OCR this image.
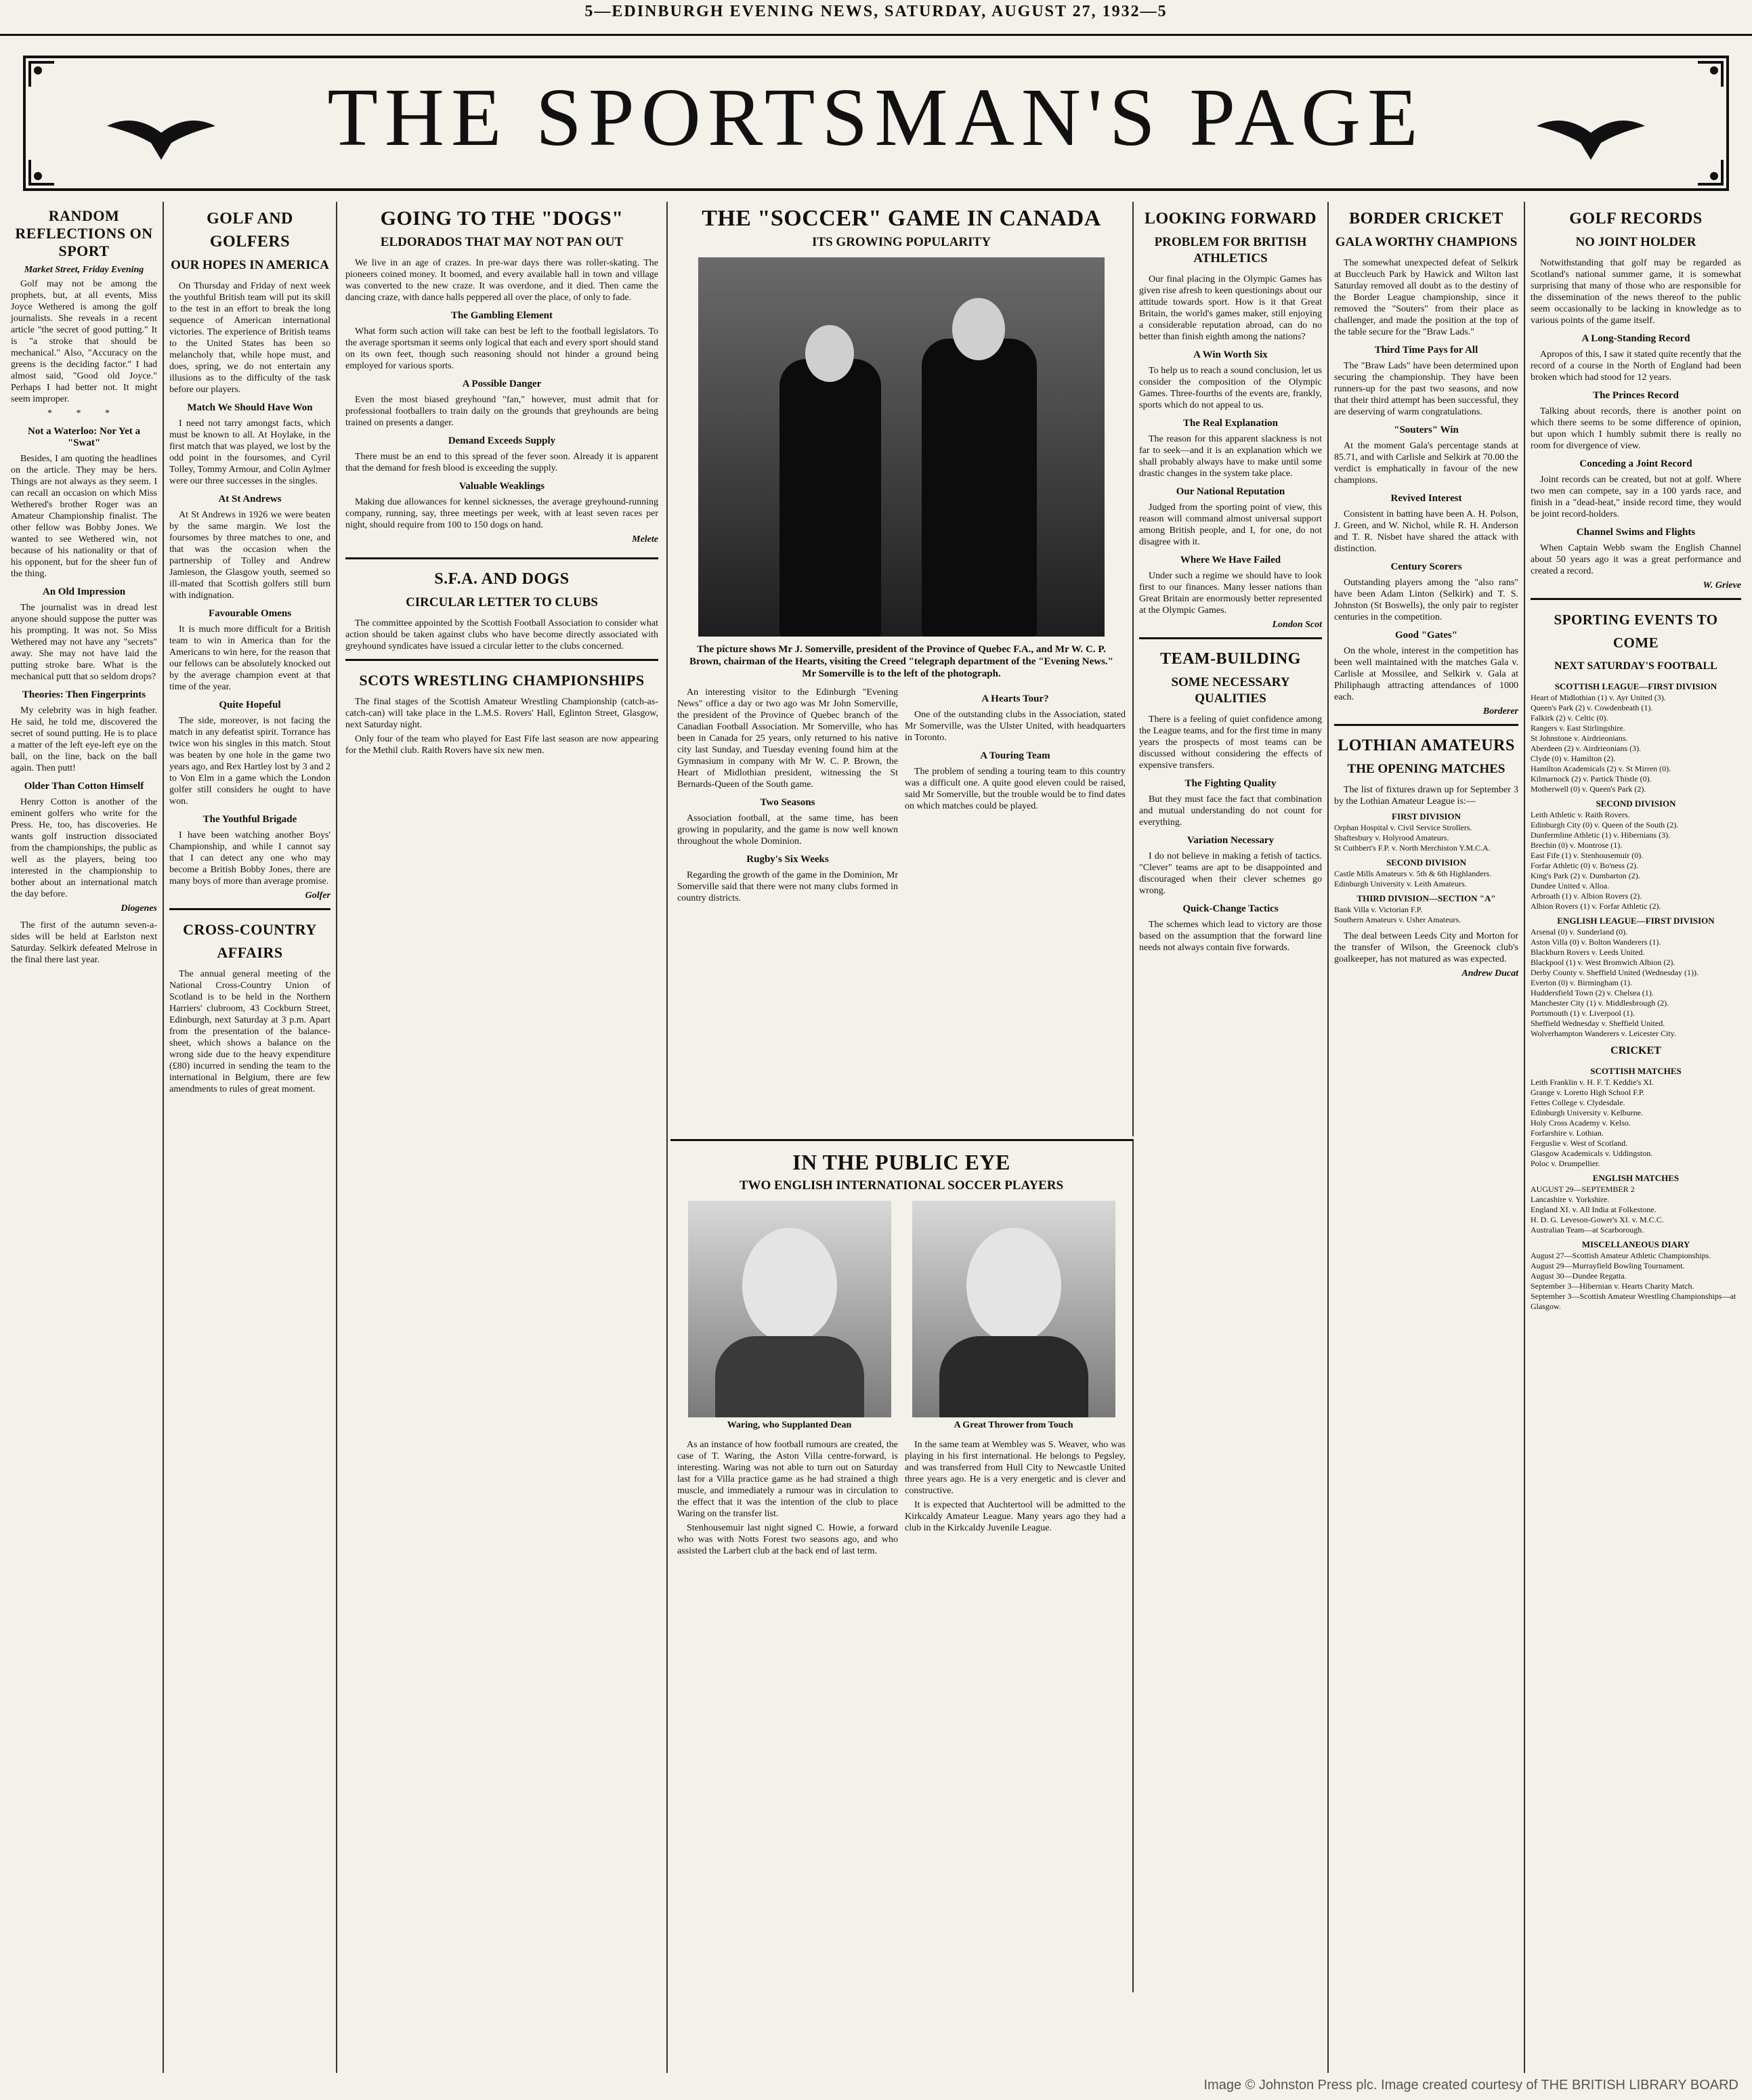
5—EDINBURGH EVENING NEWS, SATURDAY, AUGUST 27, 1932—5
THE SPORTSMAN'S PAGE
RANDOM REFLECTIONS ON SPORT
Market Street, Friday Evening

Golf may not be among the prophets, but, at all events, Miss Joyce Wethered is among the golf journalists. She reveals in a recent article "the secret of good putting." It is "a stroke that should be mechanical." Also, "Accuracy on the greens is the deciding factor." I had almost said, "Good old Joyce." Perhaps I had better not. It might seem improper.

* * *
Not a Waterloo: Nor Yet a "Swat"

Besides, I am quoting the headlines on the article. They may be hers. Things are not always as they seem. I can recall an occasion on which Miss Wethered's brother Roger was an Amateur Championship finalist. The other fellow was Bobby Jones. We wanted to see Wethered win, not because of his nationality or that of his opponent, but for the sheer fun of the thing.

An Old Impression

The journalist was in dread lest anyone should suppose the putter was his prompting. It was not. So Miss Wethered may not have any "secrets" away. She may not have laid the putting stroke bare. What is the mechanical putt that so seldom drops?

Theories: Then Fingerprints

My celebrity was in high feather. He said, he told me, discovered the secret of sound putting. He is to place a matter of the left eye-left eye on the ball, on the line, back on the ball again. Then putt!

Older Than Cotton Himself

Henry Cotton is another of the eminent golfers who write for the Press. He, too, has discoveries. He wants golf instruction dissociated from the championships, the public as well as the players, being too interested in the championship to bother about an international match the day before.

Diogenes

The first of the autumn seven-a-sides will be held at Earlston next Saturday. Selkirk defeated Melrose in the final there last year.

GOLF AND GOLFERS
OUR HOPES IN AMERICA

On Thursday and Friday of next week the youthful British team will put its skill to the test in an effort to break the long sequence of American international victories. The experience of British teams to the United States has been so melancholy that, while hope must, and does, spring, we do not entertain any illusions as to the difficulty of the task before our players.

Match We Should Have Won

I need not tarry amongst facts, which must be known to all. At Hoylake, in the first match that was played, we lost by the odd point in the foursomes, and Cyril Tolley, Tommy Armour, and Colin Aylmer were our three successes in the singles.

At St Andrews

At St Andrews in 1926 we were beaten by the same margin. We lost the foursomes by three matches to one, and that was the occasion when the partnership of Tolley and Andrew Jamieson, the Glasgow youth, seemed so ill-mated that Scottish golfers still burn with indignation.

Favourable Omens

It is much more difficult for a British team to win in America than for the Americans to win here, for the reason that our fellows can be absolutely knocked out by the average champion event at that time of the year.

Quite Hopeful

The side, moreover, is not facing the match in any defeatist spirit. Torrance has twice won his singles in this match. Stout was beaten by one hole in the game two years ago, and Rex Hartley lost by 3 and 2 to Von Elm in a game which the London golfer still considers he ought to have won.

The Youthful Brigade

I have been watching another Boys' Championship, and while I cannot say that I can detect any one who may become a British Bobby Jones, there are many boys of more than average promise.

Golfer
CROSS-COUNTRY AFFAIRS

The annual general meeting of the National Cross-Country Union of Scotland is to be held in the Northern Harriers' clubroom, 43 Cockburn Street, Edinburgh, next Saturday at 3 p.m. Apart from the presentation of the balance-sheet, which shows a balance on the wrong side due to the heavy expenditure (£80) incurred in sending the team to the international in Belgium, there are few amendments to rules of great moment.

GOING TO THE "DOGS"
ELDORADOS THAT MAY NOT PAN OUT

We live in an age of crazes. In pre-war days there was roller-skating. The pioneers coined money. It boomed, and every available hall in town and village was converted to the new craze. It was overdone, and it died. Then came the dancing craze, with dance halls peppered all over the place, of only to fade.

The Gambling Element

What form such action will take can best be left to the football legislators. To the average sportsman it seems only logical that each and every sport should stand on its own feet, though such reasoning should not hinder a ground being employed for various sports.

A Possible Danger

Even the most biased greyhound "fan," however, must admit that for professional footballers to train daily on the grounds that greyhounds are being trained on presents a danger.

Demand Exceeds Supply

There must be an end to this spread of the fever soon. Already it is apparent that the demand for fresh blood is exceeding the supply.

Valuable Weaklings

Making due allowances for kennel sicknesses, the average greyhound-running company, running, say, three meetings per week, with at least seven races per night, should require from 100 to 150 dogs on hand.

Melete
S.F.A. AND DOGS
CIRCULAR LETTER TO CLUBS

The committee appointed by the Scottish Football Association to consider what action should be taken against clubs who have become directly associated with greyhound syndicates have issued a circular letter to the clubs concerned.

SCOTS WRESTLING CHAMPIONSHIPS

The final stages of the Scottish Amateur Wrestling Championship (catch-as-catch-can) will take place in the L.M.S. Rovers' Hall, Eglinton Street, Glasgow, next Saturday night.

Only four of the team who played for East Fife last season are now appearing for the Methil club. Raith Rovers have six new men.

THE "SOCCER" GAME IN CANADA
ITS GROWING POPULARITY
The picture shows Mr J. Somerville, president of the Province of Quebec F.A., and Mr W. C. P. Brown, chairman of the Hearts, visiting the Creed "telegraph department of the "Evening News." Mr Somerville is to the left of the photograph.

An interesting visitor to the Edinburgh "Evening News" office a day or two ago was Mr John Somerville, the president of the Province of Quebec branch of the Canadian Football Association. Mr Somerville, who has been in Canada for 25 years, only returned to his native city last Sunday, and Tuesday evening found him at the Gymnasium in company with Mr W. C. P. Brown, the Heart of Midlothian president, witnessing the St Bernards-Queen of the South game.

Two Seasons

Association football, at the same time, has been growing in popularity, and the game is now well known throughout the whole Dominion.

Rugby's Six Weeks

Regarding the growth of the game in the Dominion, Mr Somerville said that there were not many clubs formed in country districts.

A Hearts Tour?

One of the outstanding clubs in the Association, stated Mr Somerville, was the Ulster United, with headquarters in Toronto.

A Touring Team

The problem of sending a touring team to this country was a difficult one. A quite good eleven could be raised, said Mr Somerville, but the trouble would be to find dates on which matches could be played.

IN THE PUBLIC EYE
TWO ENGLISH INTERNATIONAL SOCCER PLAYERS
Waring, who Supplanted Dean	A Great Thrower from Touch

As an instance of how football rumours are created, the case of T. Waring, the Aston Villa centre-forward, is interesting. Waring was not able to turn out on Saturday last for a Villa practice game as he had strained a thigh muscle, and immediately a rumour was in circulation to the effect that it was the intention of the club to place Waring on the transfer list.

Stenhousemuir last night signed C. Howie, a forward who was with Notts Forest two seasons ago, and who assisted the Larbert club at the back end of last term.

In the same team at Wembley was S. Weaver, who was playing in his first international. He belongs to Pegsley, and was transferred from Hull City to Newcastle United three years ago. He is a very energetic and is clever and constructive.

It is expected that Auchtertool will be admitted to the Kirkcaldy Amateur League. Many years ago they had a club in the Kirkcaldy Juvenile League.

LOOKING FORWARD
PROBLEM FOR BRITISH ATHLETICS

Our final placing in the Olympic Games has given rise afresh to keen questionings about our attitude towards sport. How is it that Great Britain, the world's games maker, still enjoying a considerable reputation abroad, can do no better than finish eighth among the nations?

A Win Worth Six

To help us to reach a sound conclusion, let us consider the composition of the Olympic Games. Three-fourths of the events are, frankly, sports which do not appeal to us.

The Real Explanation

The reason for this apparent slackness is not far to seek—and it is an explanation which we shall probably always have to make until some drastic changes in the system take place.

Our National Reputation

Judged from the sporting point of view, this reason will command almost universal support among British people, and I, for one, do not disagree with it.

Where We Have Failed

Under such a regime we should have to look first to our finances. Many lesser nations than Great Britain are enormously better represented at the Olympic Games.

London Scot
TEAM-BUILDING
SOME NECESSARY QUALITIES

There is a feeling of quiet confidence among the League teams, and for the first time in many years the prospects of most teams can be discussed without considering the effects of expensive transfers.

The Fighting Quality

But they must face the fact that combination and mutual understanding do not count for everything.

Variation Necessary

I do not believe in making a fetish of tactics. "Clever" teams are apt to be disappointed and discouraged when their clever schemes go wrong.

Quick-Change Tactics

The schemes which lead to victory are those based on the assumption that the forward line needs not always contain five forwards.

BORDER CRICKET
GALA WORTHY CHAMPIONS

The somewhat unexpected defeat of Selkirk at Buccleuch Park by Hawick and Wilton last Saturday removed all doubt as to the destiny of the Border League championship, since it removed the "Souters" from their place as challenger, and made the position at the top of the table secure for the "Braw Lads."

Third Time Pays for All

The "Braw Lads" have been determined upon securing the championship. They have been runners-up for the past two seasons, and now that their third attempt has been successful, they are deserving of warm congratulations.

"Souters" Win

At the moment Gala's percentage stands at 85.71, and with Carlisle and Selkirk at 70.00 the verdict is emphatically in favour of the new champions.

Revived Interest

Consistent in batting have been A. H. Polson, J. Green, and W. Nichol, while R. H. Anderson and T. R. Nisbet have shared the attack with distinction.

Century Scorers

Outstanding players among the "also rans" have been Adam Linton (Selkirk) and T. S. Johnston (St Boswells), the only pair to register centuries in the competition.

Good "Gates"

On the whole, interest in the competition has been well maintained with the matches Gala v. Carlisle at Mossilee, and Selkirk v. Gala at Philiphaugh attracting attendances of 1000 each.

Borderer
LOTHIAN AMATEURS
THE OPENING MATCHES

The list of fixtures drawn up for September 3 by the Lothian Amateur League is:—

FIRST DIVISION
Orphan Hospital v. Civil Service Strollers.
Shaftesbury v. Holyrood Amateurs.
St Cuthbert's F.P. v. North Merchiston Y.M.C.A.
SECOND DIVISION
Castle Mills Amateurs v. 5th & 6th Highlanders.
Edinburgh University v. Leith Amateurs.
THIRD DIVISION—SECTION "A"
Bank Villa v. Victorian F.P.
Southern Amateurs v. Usher Amateurs.

The deal between Leeds City and Morton for the transfer of Wilson, the Greenock club's goalkeeper, has not matured as was expected.

Andrew Ducat
GOLF RECORDS
NO JOINT HOLDER

Notwithstanding that golf may be regarded as Scotland's national summer game, it is somewhat surprising that many of those who are responsible for the dissemination of the news thereof to the public seem occasionally to be lacking in knowledge as to various points of the game itself.

A Long-Standing Record

Apropos of this, I saw it stated quite recently that the record of a course in the North of England had been broken which had stood for 12 years.

The Princes Record

Talking about records, there is another point on which there seems to be some difference of opinion, but upon which I humbly submit there is really no room for divergence of view.

Conceding a Joint Record

Joint records can be created, but not at golf. Where two men can compete, say in a 100 yards race, and finish in a "dead-heat," inside record time, they would be joint record-holders.

Channel Swims and Flights

When Captain Webb swam the English Channel about 50 years ago it was a great performance and created a record.

W. Grieve
SPORTING EVENTS TO COME
NEXT SATURDAY'S FOOTBALL
SCOTTISH LEAGUE—FIRST DIVISION
Heart of Midlothian (1) v. Ayr United (3).
Queen's Park (2) v. Cowdenbeath (1).
Falkirk (2) v. Celtic (0).
Rangers v. East Stirlingshire.
St Johnstone v. Airdrieonians.
Aberdeen (2) v. Airdrieonians (3).
Clyde (0) v. Hamilton (2).
Hamilton Academicals (2) v. St Mirren (0).
Kilmarnock (2) v. Partick Thistle (0).
Motherwell (0) v. Queen's Park (2).
SECOND DIVISION
Leith Athletic v. Raith Rovers.
Edinburgh City (0) v. Queen of the South (2).
Dunfermline Athletic (1) v. Hibernians (3).
Brechin (0) v. Montrose (1).
East Fife (1) v. Stenhousemuir (0).
Forfar Athletic (0) v. Bo'ness (2).
King's Park (2) v. Dumbarton (2).
Dundee United v. Alloa.
Arbroath (1) v. Albion Rovers (2).
Albion Rovers (1) v. Forfar Athletic (2).
ENGLISH LEAGUE—FIRST DIVISION
Arsenal (0) v. Sunderland (0).
Aston Villa (0) v. Bolton Wanderers (1).
Blackburn Rovers v. Leeds United.
Blackpool (1) v. West Bromwich Albion (2).
Derby County v. Sheffield United (Wednesday (1)).
Everton (0) v. Birmingham (1).
Huddersfield Town (2) v. Chelsea (1).
Manchester City (1) v. Middlesbrough (2).
Portsmouth (1) v. Liverpool (1).
Sheffield Wednesday v. Sheffield United.
Wolverhampton Wanderers v. Leicester City.
CRICKET
SCOTTISH MATCHES
Leith Franklin v. H. F. T. Keddie's XI.
Grange v. Loretto High School F.P.
Fettes College v. Clydesdale.
Edinburgh University v. Kelburne.
Holy Cross Academy v. Kelso.
Forfarshire v. Lothian.
Ferguslie v. West of Scotland.
Glasgow Academicals v. Uddingston.
Poloc v. Drumpellier.
ENGLISH MATCHES
AUGUST 29—SEPTEMBER 2
Lancashire v. Yorkshire.
England XI. v. All India at Folkestone.
H. D. G. Leveson-Gower's XI. v. M.C.C.
Australian Team—at Scarborough.
MISCELLANEOUS DIARY
August 27—Scottish Amateur Athletic Championships.
August 29—Murrayfield Bowling Tournament.
August 30—Dundee Regatta.
September 3—Hibernian v. Hearts Charity Match.
September 3—Scottish Amateur Wrestling Championships—at Glasgow.
Image © Johnston Press plc. Image created courtesy of THE BRITISH LIBRARY BOARD
